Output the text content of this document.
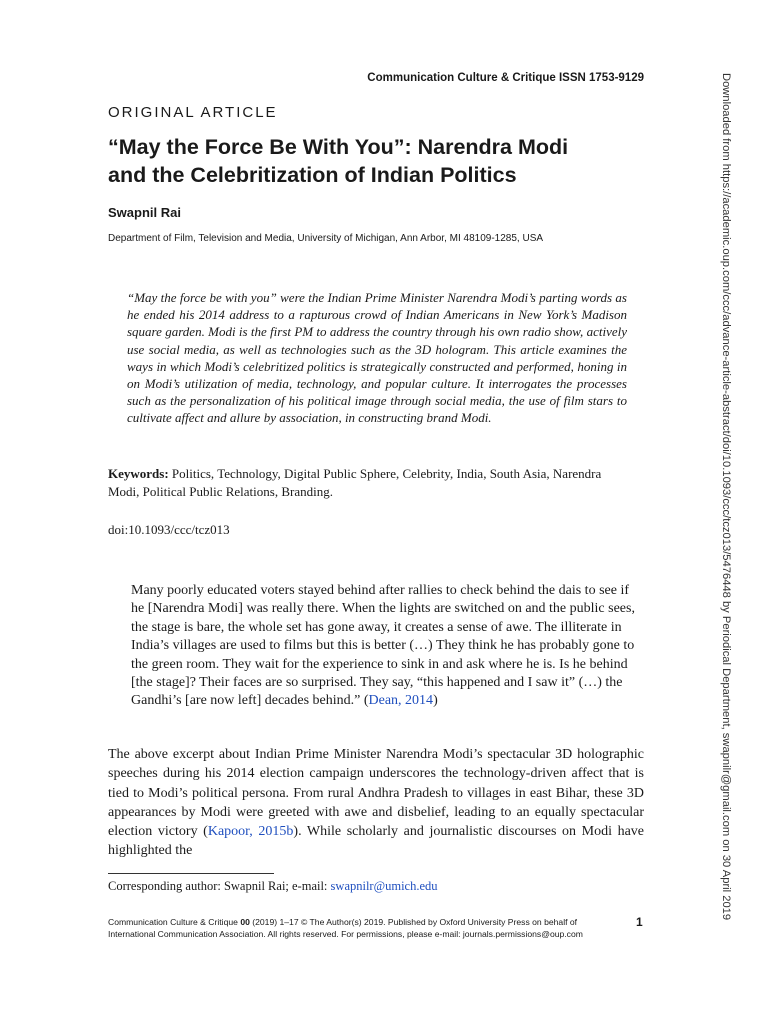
Communication Culture & Critique ISSN 1753-9129
ORIGINAL ARTICLE
“May the Force Be With You”: Narendra Modi
and the Celebritization of Indian Politics
Swapnil Rai
Department of Film, Television and Media, University of Michigan, Ann Arbor, MI 48109-1285, USA

“May the force be with you” were the Indian Prime Minister Narendra Modi’s parting words as he ended his 2014 address to a rapturous crowd of Indian Americans in New York’s Madison square garden. Modi is the first PM to address the country through his own radio show, actively use social media, as well as technologies such as the 3D hologram. This article examines the ways in which Modi’s celebritized politics is strategically constructed and performed, honing in on Modi’s utilization of media, technology, and popular culture. It interrogates the processes such as the personalization of his political image through social media, the use of film stars to cultivate affect and allure by association, in constructing brand Modi.

Keywords: Politics, Technology, Digital Public Sphere, Celebrity, India, South Asia, Narendra Modi, Political Public Relations, Branding.
doi:10.1093/ccc/tcz013

Many poorly educated voters stayed behind after rallies to check behind the dais to see if he [Narendra Modi] was really there. When the lights are switched on and the public sees, the stage is bare, the whole set has gone away, it creates a sense of awe. The illiterate in India’s villages are used to films but this is better (…) They think he has probably gone to the green room. They wait for the experience to sink in and ask where he is. Is he behind [the stage]? Their faces are so surprised. They say, “this happened and I saw it” (…) the Gandhi’s [are now left] decades behind.” (Dean, 2014)

The above excerpt about Indian Prime Minister Narendra Modi’s spectacular 3D holographic speeches during his 2014 election campaign underscores the technology-driven affect that is tied to Modi’s political persona. From rural Andhra Pradesh to villages in east Bihar, these 3D appearances by Modi were greeted with awe and disbelief, leading to an equally spectacular election victory (Kapoor, 2015b). While scholarly and journalistic discourses on Modi have highlighted the

Corresponding author: Swapnil Rai; e-mail: swapnilr@umich.edu
Communication Culture & Critique 00 (2019) 1–17 © The Author(s) 2019. Published by Oxford University Press on behalf of
International Communication Association. All rights reserved. For permissions, please e-mail: journals.permissions@oup.com
1
Downloaded from https://academic.oup.com/ccc/advance-article-abstract/doi/10.1093/ccc/tcz013/5476448 by Periodical Department, swapnilr@gmail.com on 30 April 2019
